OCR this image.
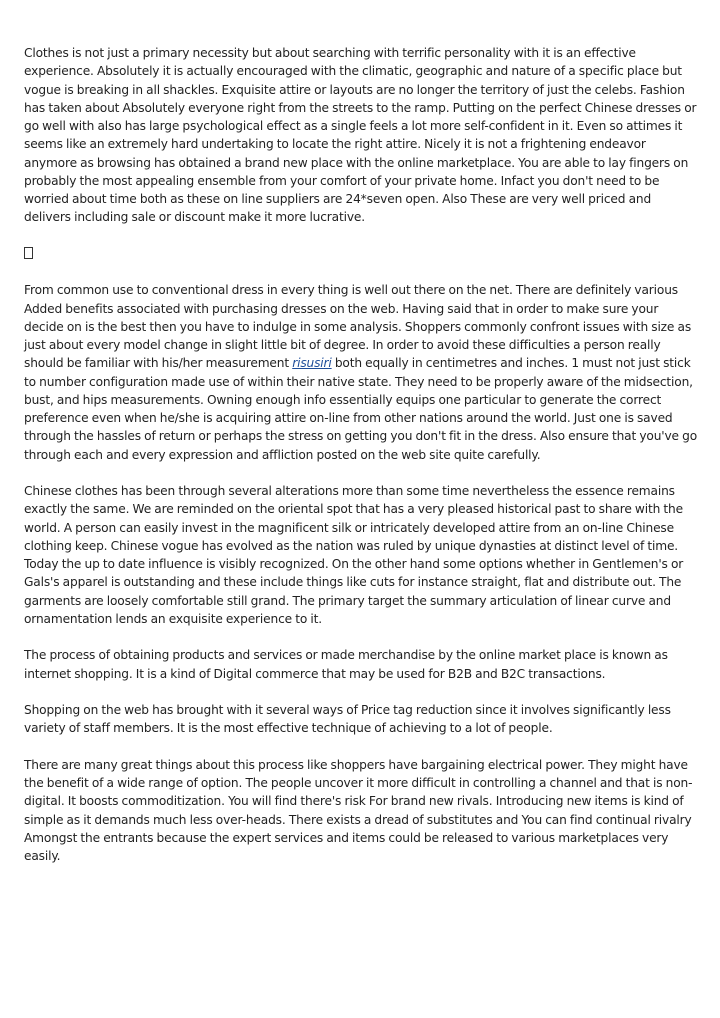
Clothes is not just a primary necessity but about searching with terrific personality with it is an effective experience. Absolutely it is actually encouraged with the climatic, geographic and nature of a specific place but vogue is breaking in all shackles. Exquisite attire or layouts are no longer the territory of just the celebs. Fashion has taken about Absolutely everyone right from the streets to the ramp. Putting on the perfect Chinese dresses or go well with also has large psychological effect as a single feels a lot more self-confident in it. Even so attimes it seems like an extremely hard undertaking to locate the right attire. Nicely it is not a frightening endeavor anymore as browsing has obtained a brand new place with the online marketplace. You are able to lay fingers on probably the most appealing ensemble from your comfort of your private home. Infact you don't need to be worried about time both as these on line suppliers are 24*seven open. Also These are very well priced and delivers including sale or discount make it more lucrative.

From common use to conventional dress in every thing is well out there on the net. There are definitely various Added benefits associated with purchasing dresses on the web. Having said that in order to make sure your decide on is the best then you have to indulge in some analysis. Shoppers commonly confront issues with size as just about every model change in slight little bit of degree. In order to avoid these difficulties a person really should be familiar with his/her measurement risusiri both equally in centimetres and inches. 1 must not just stick to number configuration made use of within their native state. They need to be properly aware of the midsection, bust, and hips measurements. Owning enough info essentially equips one particular to generate the correct preference even when he/she is acquiring attire on-line from other nations around the world. Just one is saved through the hassles of return or perhaps the stress on getting you don't fit in the dress. Also ensure that you've go through each and every expression and affliction posted on the web site quite carefully.

Chinese clothes has been through several alterations more than some time nevertheless the essence remains exactly the same. We are reminded on the oriental spot that has a very pleased historical past to share with the world. A person can easily invest in the magnificent silk or intricately developed attire from an on-line Chinese clothing keep. Chinese vogue has evolved as the nation was ruled by unique dynasties at distinct level of time. Today the up to date influence is visibly recognized. On the other hand some options whether in Gentlemen's or Gals's apparel is outstanding and these include things like cuts for instance straight, flat and distribute out. The garments are loosely comfortable still grand. The primary target the summary articulation of linear curve and ornamentation lends an exquisite experience to it.

The process of obtaining products and services or made merchandise by the online market place is known as internet shopping. It is a kind of Digital commerce that may be used for B2B and B2C transactions.

Shopping on the web has brought with it several ways of Price tag reduction since it involves significantly less variety of staff members. It is the most effective technique of achieving to a lot of people.

There are many great things about this process like shoppers have bargaining electrical power. They might have the benefit of a wide range of option. The people uncover it more difficult in controlling a channel and that is non-digital. It boosts commoditization. You will find there's risk For brand new rivals. Introducing new items is kind of simple as it demands much less over-heads. There exists a dread of substitutes and You can find continual rivalry Amongst the entrants because the expert services and items could be released to various marketplaces very easily.
